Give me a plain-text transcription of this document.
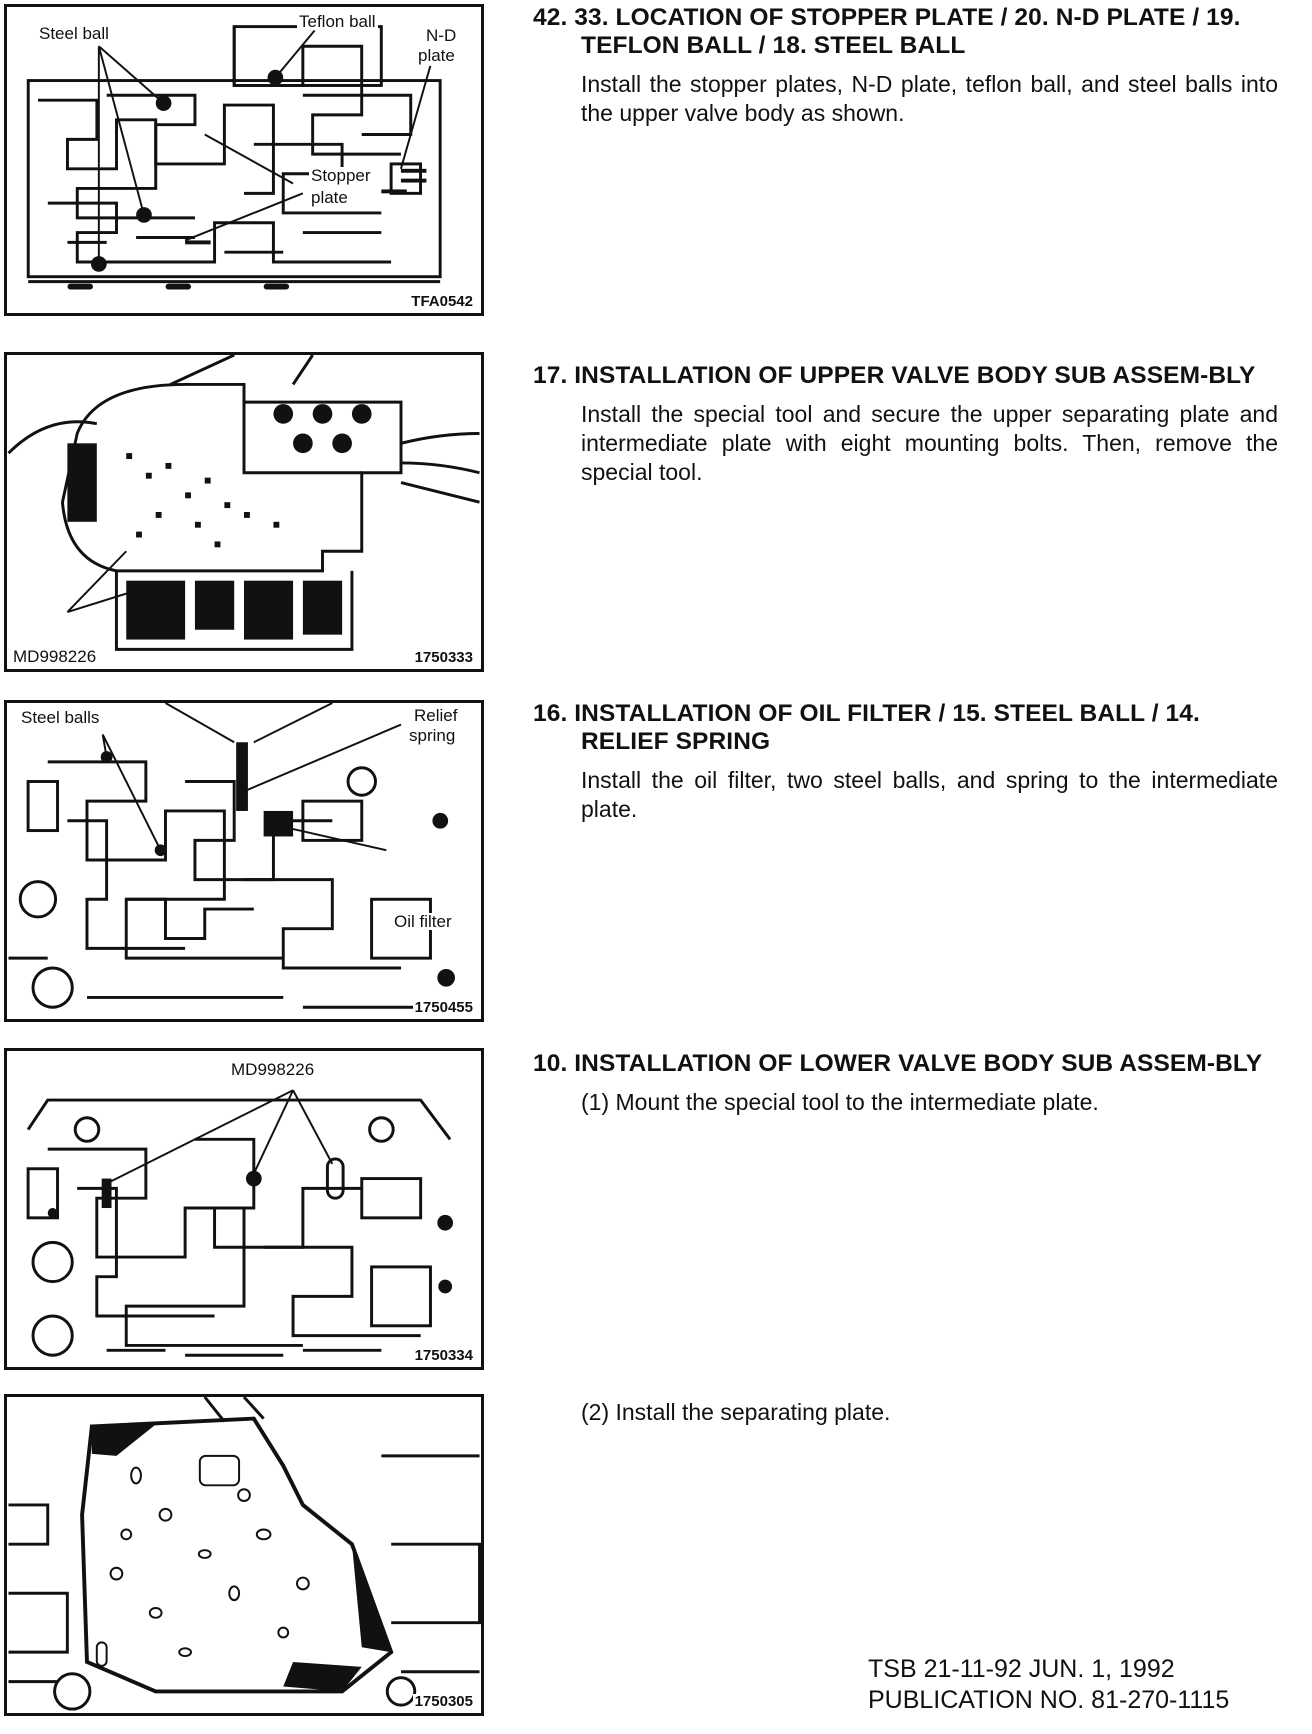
Steel ball
Teflon ball
N-D
plate
Stopper
plate
TFA0542
MD998226	1750333
Steel balls	Relief
spring
Oil filter
1750455
MD998226
1750334
1750305
42. 33. LOCATION OF STOPPER PLATE / 20. N-D PLATE / 19. TEFLON BALL / 18. STEEL BALL
Install the stopper plates, N-D plate, teflon ball, and steel balls into the upper valve body as shown.
17. INSTALLATION OF UPPER VALVE BODY SUB ASSEM-BLY
Install the special tool and secure the upper separating plate and intermediate plate with eight mounting bolts. Then, remove the special tool.
16. INSTALLATION OF OIL FILTER / 15. STEEL BALL / 14. RELIEF SPRING
Install the oil filter, two steel balls, and spring to the intermediate plate.
10. INSTALLATION OF LOWER VALVE BODY SUB ASSEM-BLY
(1) Mount the special tool to the intermediate plate.
(2) Install the separating plate.
TSB 21-11-92 JUN. 1, 1992
PUBLICATION NO. 81-270-1115
